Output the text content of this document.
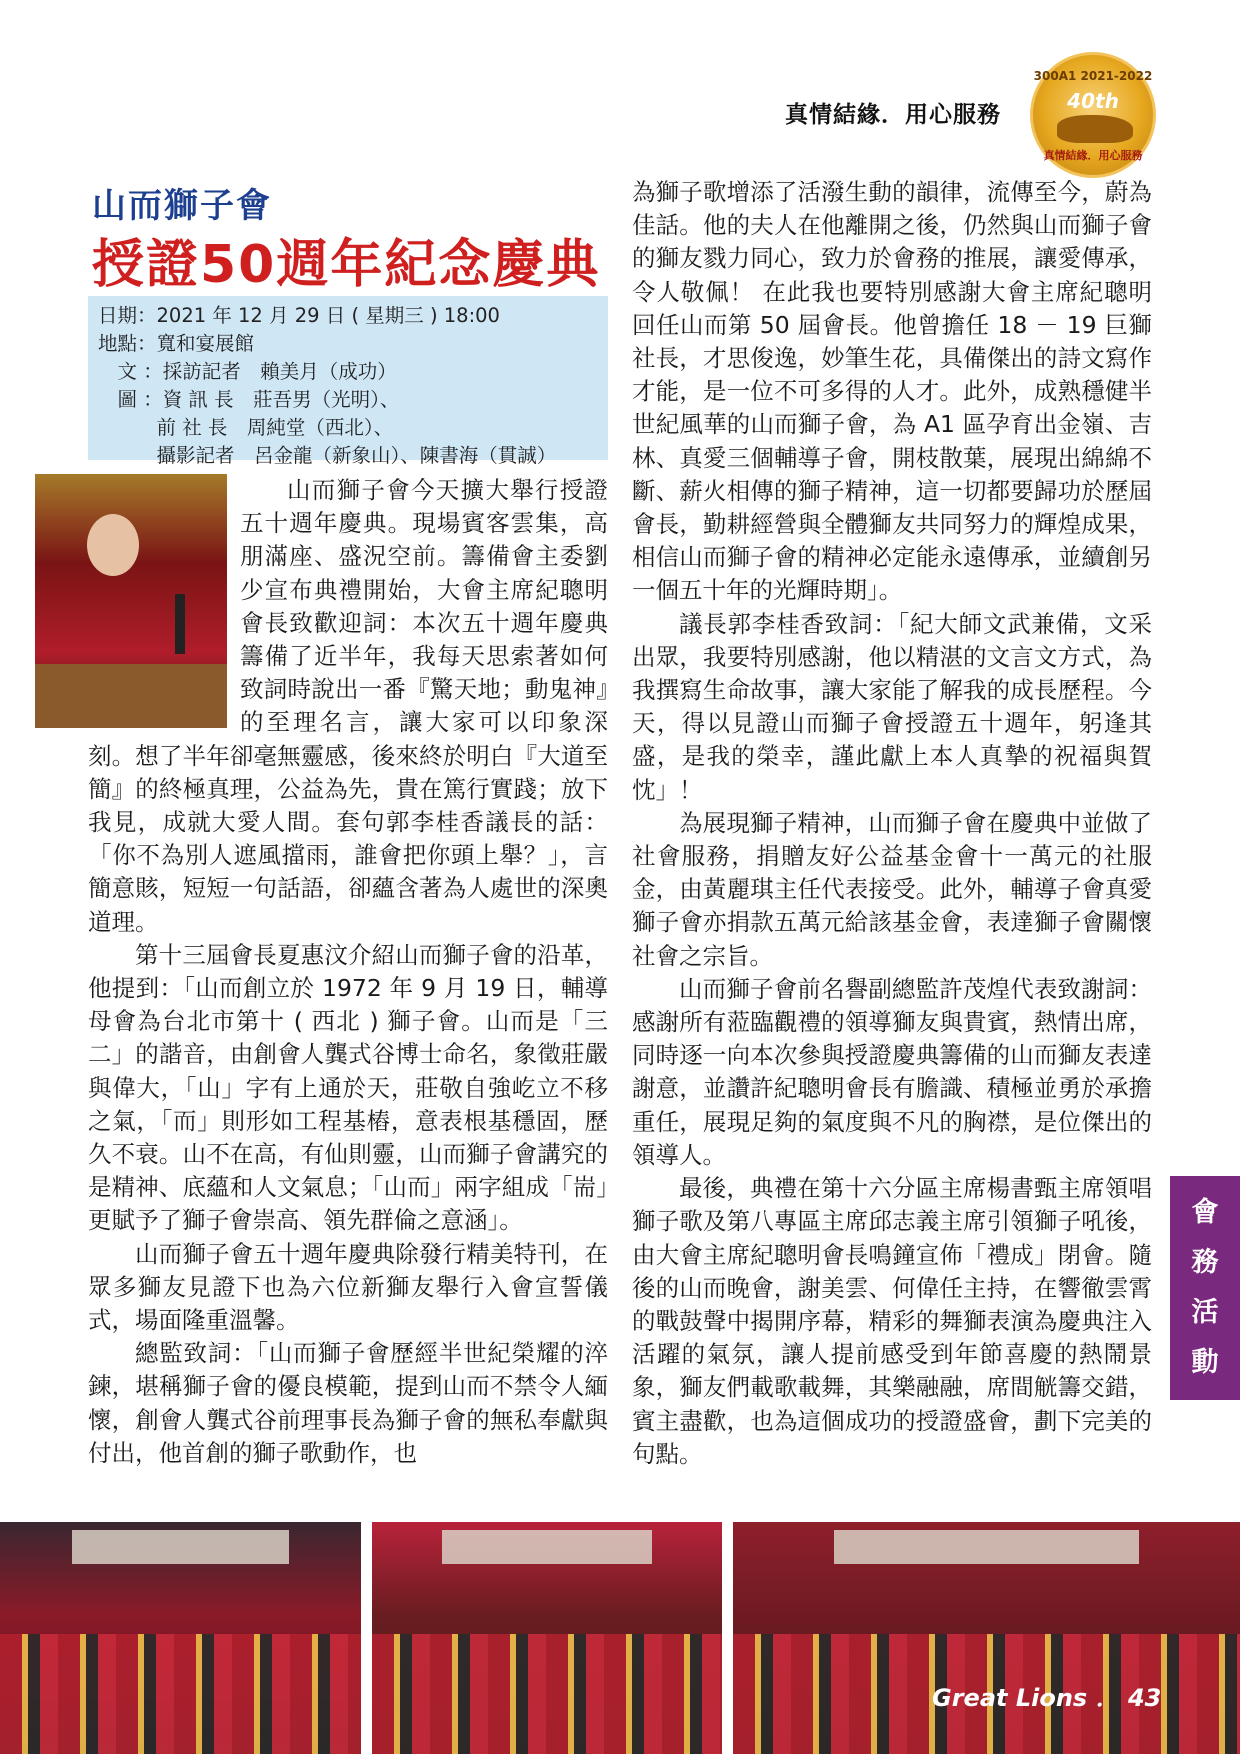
真情結緣．用心服務
300A1 2021-2022
40th
真情結緣．用心服務
山而獅子會
授證50週年紀念慶典
日期：2021 年 12 月 29 日 ( 星期三 ) 18:00
地點：寬和宴展館
　文 ：採訪記者　賴美月（成功）
　圖 ：資 訊 長　莊吾男（光明）、
　　　前 社 長　周純堂（西北）、
　　　攝影記者　呂金龍（新象山）、陳書海（貫誠）

山而獅子會今天擴大舉行授證五十週年慶典。現場賓客雲集，高朋滿座、盛況空前。籌備會主委劉少宣布典禮開始，大會主席紀聰明會長致歡迎詞：本次五十週年慶典籌備了近半年，我每天思索著如何致詞時說出一番『驚天地；動鬼神』的至理名言，讓大家可以印象深刻。想了半年卻毫無靈感，後來終於明白『大道至簡』的終極真理，公益為先，貴在篤行實踐；放下我見，成就大愛人間。套句郭李桂香議長的話：「你不為別人遮風擋雨，誰會把你頭上舉？」，言簡意賅，短短一句話語，卻蘊含著為人處世的深奧道理。

第十三屆會長夏惠汶介紹山而獅子會的沿革，他提到：「山而創立於 1972 年 9 月 19 日，輔導母會為台北市第十 ( 西北 ) 獅子會。山而是「三二」的諧音，由創會人龔式谷博士命名，象徵莊嚴與偉大，「山」字有上通於天，莊敬自強屹立不移之氣，「而」則形如工程基樁，意表根基穩固，歷久不衰。山不在高，有仙則靈，山而獅子會講究的是精神、底蘊和人文氣息；「山而」兩字組成「耑」更賦予了獅子會崇高、領先群倫之意涵」。

山而獅子會五十週年慶典除發行精美特刊，在眾多獅友見證下也為六位新獅友舉行入會宣誓儀式，場面隆重溫馨。

總監致詞：「山而獅子會歷經半世紀榮耀的淬鍊，堪稱獅子會的優良模範，提到山而不禁令人緬懷，創會人龔式谷前理事長為獅子會的無私奉獻與付出，他首創的獅子歌動作，也

為獅子歌增添了活潑生動的韻律，流傳至今，蔚為佳話。他的夫人在他離開之後，仍然與山而獅子會的獅友戮力同心，致力於會務的推展，讓愛傳承，令人敬佩！ 在此我也要特別感謝大會主席紀聰明回任山而第 50 屆會長。他曾擔任 18 － 19 巨獅社長，才思俊逸，妙筆生花，具備傑出的詩文寫作才能，是一位不可多得的人才。此外，成熟穩健半世紀風華的山而獅子會，為 A1 區孕育出金嶺、吉林、真愛三個輔導子會，開枝散葉，展現出綿綿不斷、薪火相傳的獅子精神，這一切都要歸功於歷屆會長，勤耕經營與全體獅友共同努力的輝煌成果，相信山而獅子會的精神必定能永遠傳承，並續創另一個五十年的光輝時期」。

議長郭李桂香致詞：「紀大師文武兼備，文采出眾，我要特別感謝，他以精湛的文言文方式，為我撰寫生命故事，讓大家能了解我的成長歷程。今天，得以見證山而獅子會授證五十週年，躬逢其盛，是我的榮幸，謹此獻上本人真摯的祝福與賀忱」！

為展現獅子精神，山而獅子會在慶典中並做了社會服務，捐贈友好公益基金會十一萬元的社服金，由黃麗琪主任代表接受。此外，輔導子會真愛獅子會亦捐款五萬元給該基金會，表達獅子會關懷社會之宗旨。

山而獅子會前名譽副總監許茂煌代表致謝詞：感謝所有蒞臨觀禮的領導獅友與貴賓，熱情出席，同時逐一向本次參與授證慶典籌備的山而獅友表達謝意，並讚許紀聰明會長有膽識、積極並勇於承擔重任，展現足夠的氣度與不凡的胸襟，是位傑出的領導人。

最後，典禮在第十六分區主席楊書甄主席領唱獅子歌及第八專區主席邱志義主席引領獅子吼後，由大會主席紀聰明會長鳴鐘宣佈「禮成」閉會。隨後的山而晚會，謝美雲、何偉任主持，在響徹雲霄的戰鼓聲中揭開序幕，精彩的舞獅表演為慶典注入活躍的氣氛，讓人提前感受到年節喜慶的熱鬧景象，獅友們載歌載舞，其樂融融，席間觥籌交錯，賓主盡歡，也為這個成功的授證盛會，劃下完美的句點。

會
務
活
動
Great Lions ． 43
